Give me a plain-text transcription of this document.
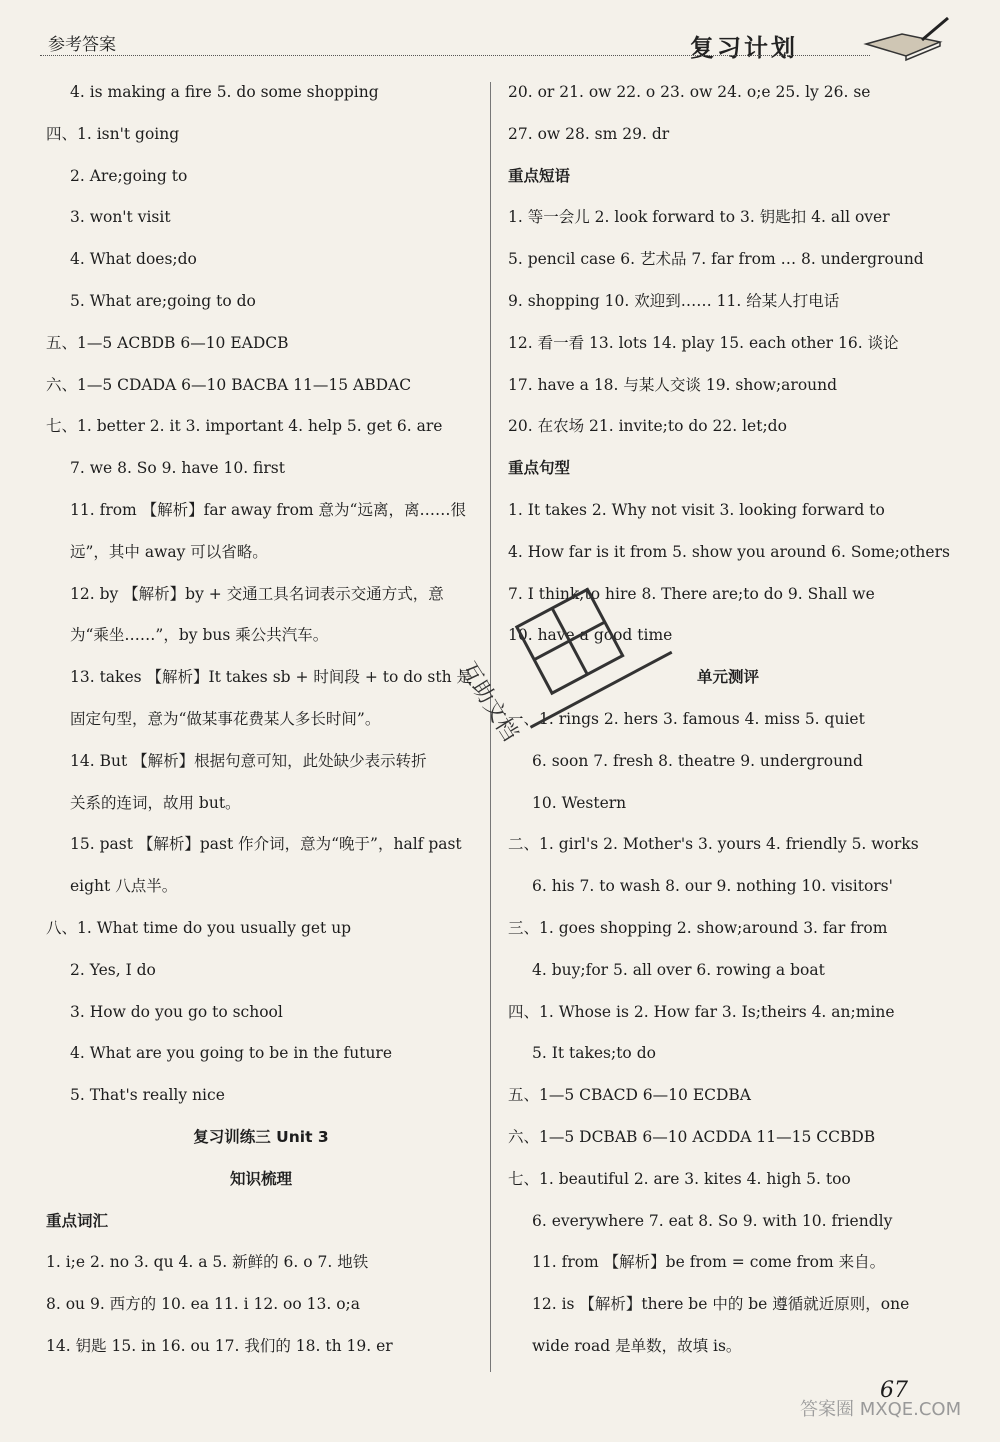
参考答案	复习计划
4. is making a fire 5. do some shopping
四、1. isn't going
2. Are;going to
3. won't visit
4. What does;do
5. What are;going to do
五、1—5 ACBDB 6—10 EADCB
六、1—5 CDADA 6—10 BACBA 11—15 ABDAC
七、1. better 2. it 3. important 4. help 5. get 6. are
7. we 8. So 9. have 10. first
11. from 【解析】far away from 意为“远离，离……很
远”，其中 away 可以省略。
12. by 【解析】by + 交通工具名词表示交通方式，意
为“乘坐……”，by bus 乘公共汽车。
13. takes 【解析】It takes sb + 时间段 + to do sth 是
固定句型，意为“做某事花费某人多长时间”。
14. But 【解析】根据句意可知，此处缺少表示转折
关系的连词，故用 but。
15. past 【解析】past 作介词，意为“晚于”，half past
eight 八点半。
八、1. What time do you usually get up
2. Yes, I do
3. How do you go to school
4. What are you going to be in the future
5. That's really nice
复习训练三 Unit 3
知识梳理
重点词汇
1. i;e 2. no 3. qu 4. a 5. 新鲜的 6. o 7. 地铁
8. ou 9. 西方的 10. ea 11. i 12. oo 13. o;a
14. 钥匙 15. in 16. ou 17. 我们的 18. th 19. er
20. or 21. ow 22. o 23. ow 24. o;e 25. ly 26. se
27. ow 28. sm 29. dr
重点短语
1. 等一会儿 2. look forward to 3. 钥匙扣 4. all over
5. pencil case 6. 艺术品 7. far from … 8. underground
9. shopping 10. 欢迎到…… 11. 给某人打电话
12. 看一看 13. lots 14. play 15. each other 16. 谈论
17. have a 18. 与某人交谈 19. show;around
20. 在农场 21. invite;to do 22. let;do
重点句型
1. It takes 2. Why not visit 3. looking forward to
4. How far is it from 5. show you around 6. Some;others
7. I think;to hire 8. There are;to do 9. Shall we
10. have a good time
单元测评
一、1. rings 2. hers 3. famous 4. miss 5. quiet
6. soon 7. fresh 8. theatre 9. underground
10. Western
二、1. girl's 2. Mother's 3. yours 4. friendly 5. works
6. his 7. to wash 8. our 9. nothing 10. visitors'
三、1. goes shopping 2. show;around 3. far from
4. buy;for 5. all over 6. rowing a boat
四、1. Whose is 2. How far 3. Is;theirs 4. an;mine
5. It takes;to do
五、1—5 CBACD 6—10 ECDBA
六、1—5 DCBAB 6—10 ACDDA 11—15 CCBDB
七、1. beautiful 2. are 3. kites 4. high 5. too
6. everywhere 7. eat 8. So 9. with 10. friendly
11. from 【解析】be from = come from 来自。
12. is 【解析】there be 中的 be 遵循就近原则，one
wide road 是单数，故填 is。
互助文档
67
答案圈 MXQE.COM
